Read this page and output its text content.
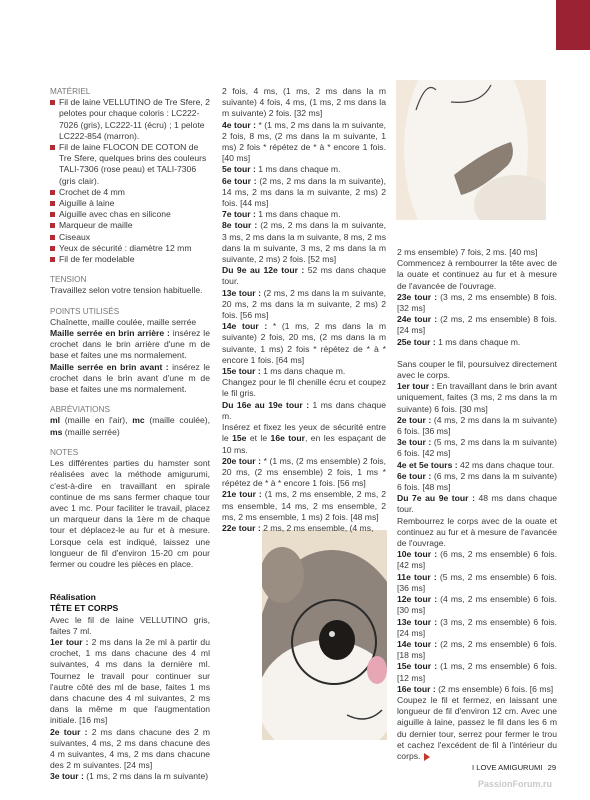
MATÉRIEL
Fil de laine VELLUTINO de Tre Sfere, 2 pelotes pour chaque coloris : LC222-7026 (gris), LC222-11 (écru) ; 1 pelote LC222-854 (marron).
Fil de laine FLOCON DE COTON de Tre Sfere, quelques brins des couleurs TALI-7306 (rose peau) et TALI-7306 (gris clair).
Crochet de 4 mm
Aiguille à laine
Aiguille avec chas en silicone
Marqueur de maille
Ciseaux
Yeux de sécurité : diamètre 12 mm
Fil de fer modelable
TENSION

Travaillez selon votre tension habituelle.

POINTS UTILISÉS

Chaînette, maille coulée, maille serrée

Maille serrée en brin arrière : insérez le crochet dans le brin arrière d'une m de base et faites une ms normalement.

Maille serrée en brin avant : insérez le crochet dans le brin avant d'une m de base et faites une ms normalement.

ABRÉVIATIONS

ml (maille en l'air), mc (maille coulée), ms (maille serrée)

NOTES

Les différentes parties du hamster sont réalisées avec la méthode amigurumi, c'est-à-dire en travaillant en spirale continue de ms sans fermer chaque tour avec 1 mc. Pour faciliter le travail, placez un marqueur dans la 1ère m de chaque tour et déplacez-le au fur et à mesure. Lorsque cela est indiqué, laissez une longueur de fil d'environ 15-20 cm pour fermer ou coudre les pièces en place.

Réalisation
TÊTE ET CORPS

Avec le fil de laine VELLUTINO gris, faites 7 ml.

1er tour : 2 ms dans la 2e ml à partir du crochet, 1 ms dans chacune des 4 ml suivantes, 4 ms dans la dernière ml. Tournez le travail pour continuer sur l'autre côté des ml de base, faites 1 ms dans chacune des 4 ml suivantes, 2 ms dans la même m que l'augmentation initiale. [16 ms]

2e tour : 2 ms dans chacune des 2 m suivantes, 4 ms, 2 ms dans chacune des 4 m suivantes, 4 ms, 2 ms dans chacune des 2 m suivantes. [24 ms]

3e tour : (1 ms, 2 ms dans la m suivante)

2 fois, 4 ms, (1 ms, 2 ms dans la m suivante) 4 fois, 4 ms, (1 ms, 2 ms dans la m suivante) 2 fois. [32 ms]

4e tour : * (1 ms, 2 ms dans la m suivante, 2 fois, 8 ms, (2 ms dans la m suivante, 1 ms) 2 fois * répétez de * à * encore 1 fois. [40 ms]

5e tour : 1 ms dans chaque m.

6e tour : (2 ms, 2 ms dans la m suivante), 14 ms, 2 ms dans la m suivante, 2 ms) 2 fois. [44 ms]

7e tour : 1 ms dans chaque m.

8e tour : (2 ms, 2 ms dans la m suivante, 3 ms, 2 ms dans la m suivante, 8 ms, 2 ms dans la m suivante, 3 ms, 2 ms dans la m suivante, 2 ms) 2 fois. [52 ms]

Du 9e au 12e tour : 52 ms dans chaque tour.

13e tour : (2 ms, 2 ms dans la m suivante, 20 ms, 2 ms dans la m suivante, 2 ms) 2 fois. [56 ms]

14e tour : * (1 ms, 2 ms dans la m suivante) 2 fois, 20 ms, (2 ms dans la m suivante, 1 ms) 2 fois * répétez de * à * encore 1 fois. [64 ms]

15e tour : 1 ms dans chaque m.

Changez pour le fil chenille écru et coupez le fil gris.

Du 16e au 19e tour : 1 ms dans chaque m.

Insérez et fixez les yeux de sécurité entre le 15e et le 16e tour, en les espaçant de 10 ms.

20e tour : * (1 ms, (2 ms ensemble) 2 fois, 20 ms, (2 ms ensemble) 2 fois, 1 ms * répétez de * à * encore 1 fois. [56 ms]

21e tour : (1 ms, 2 ms ensemble, 2 ms, 2 ms ensemble, 14 ms, 2 ms ensemble, 2 ms, 2 ms ensemble, 1 ms) 2 fois. [48 ms]

22e tour : 2 ms, 2 ms ensemble, (4 ms,

2 ms ensemble) 7 fois, 2 ms. [40 ms]

Commencez à rembourrer la tête avec de la ouate et continuez au fur et à mesure de l'avancée de l'ouvrage.

23e tour : (3 ms, 2 ms ensemble) 8 fois. [32 ms]

24e tour : (2 ms, 2 ms ensemble) 8 fois. [24 ms]

25e tour : 1 ms dans chaque m.

Sans couper le fil, poursuivez directement avec le corps.

1er tour : En travaillant dans le brin avant uniquement, faites (3 ms, 2 ms dans la m suivante) 6 fois. [30 ms]

2e tour : (4 ms, 2 ms dans la m suivante) 6 fois. [36 ms]

3e tour : (5 ms, 2 ms dans la m suivante) 6 fois. [42 ms]

4e et 5e tours : 42 ms dans chaque tour.

6e tour : (6 ms, 2 ms dans la m suivante) 6 fois. [48 ms]

Du 7e au 9e tour : 48 ms dans chaque tour.

Rembourrez le corps avec de la ouate et continuez au fur et à mesure de l'avancée de l'ouvrage.

10e tour : (6 ms, 2 ms ensemble) 6 fois. [42 ms]

11e tour : (5 ms, 2 ms ensemble) 6 fois. [36 ms]

12e tour : (4 ms, 2 ms ensemble) 6 fois. [30 ms]

13e tour : (3 ms, 2 ms ensemble) 6 fois. [24 ms]

14e tour : (2 ms, 2 ms ensemble) 6 fois. [18 ms]

15e tour : (1 ms, 2 ms ensemble) 6 fois. [12 ms]

16e tour : (2 ms ensemble) 6 fois. [6 ms]

Coupez le fil et fermez, en laissant une longueur de fil d'environ 12 cm. Avec une aiguille à laine, passez le fil dans les 6 m du dernier tour, serrez pour fermer le trou et cachez l'excédent de fil à l'intérieur du corps.

I LOVE AMIGURUMI 29
PassionForum.ru
